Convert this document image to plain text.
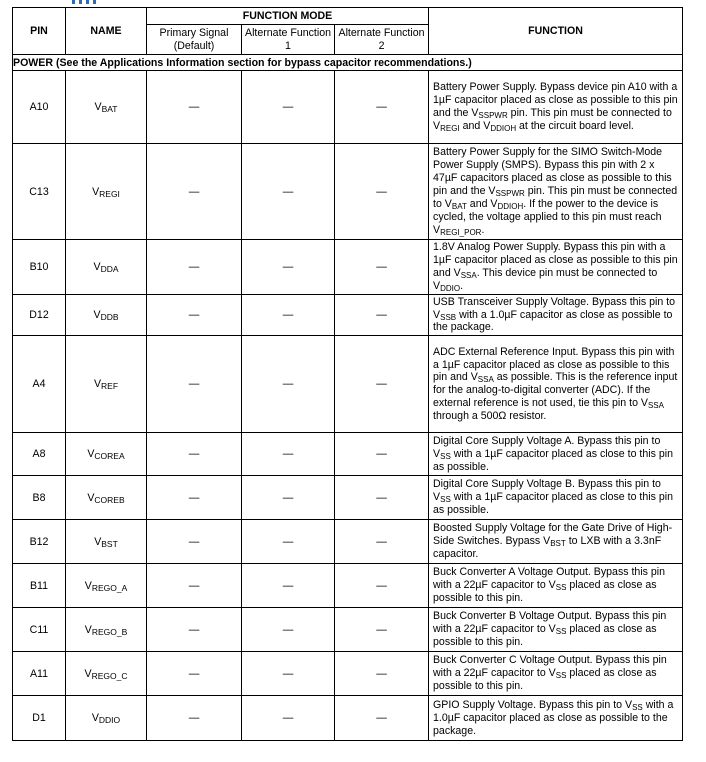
PIN	NAME	FUNCTION MODE			FUNCTION
		Primary Signal (Default)	Alternate Function 1	Alternate Function 2	
POWER (See the Applications Information section for bypass capacitor recommendations.)					
A10	$V_{BAT}$	—	—	—	Battery Power Supply. Bypass device pin A10 with a 1µF capacitor placed as close as possible to this pin and the $V_{SSPWR}$ pin. This pin must be connected to $V_{REGI}$ and $V_{DDIOH}$ at the circuit board level.
C13	$V_{REGI}$	—	—	—	Battery Power Supply for the SIMO Switch-Mode Power Supply (SMPS). Bypass this pin with 2 x 47µF capacitors placed as close as possible to this pin and the $V_{SSPWR}$ pin. This pin must be connected to $V_{BAT}$ and $V_{DDIOH}$. If the power to the device is cycled, the voltage applied to this pin must reach $V_{REGI\_POR}$.
B10	$V_{DDA}$	—	—	—	1.8V Analog Power Supply. Bypass this pin with a 1µF capacitor placed as close as possible to this pin and $V_{SSA}$. This device pin must be connected to $V_{DDIO}$.
D12	$V_{DDB}$	—	—	—	USB Transceiver Supply Voltage. Bypass this pin to $V_{SSB}$ with a 1.0µF capacitor as close as possible to the package.
A4	$V_{REF}$	—	—	—	ADC External Reference Input. Bypass this pin with a 1µF capacitor placed as close as possible to this pin and $V_{SSA}$ as possible. This is the reference input for the analog-to-digital converter (ADC). If the external reference is not used, tie this pin to $V_{SSA}$ through a 500Ω resistor.
A8	$V_{COREA}$	—	—	—	Digital Core Supply Voltage A. Bypass this pin to $V_{SS}$ with a 1µF capacitor placed as close to this pin as possible.
B8	$V_{COREB}$	—	—	—	Digital Core Supply Voltage B. Bypass this pin to $V_{SS}$ with a 1µF capacitor placed as close to this pin as possible.
B12	$V_{BST}$	—	—	—	Boosted Supply Voltage for the Gate Drive of High-Side Switches. Bypass $V_{BST}$ to LXB with a 3.3nF capacitor.
B11	$V_{REGO\_A}$	—	—	—	Buck Converter A Voltage Output. Bypass this pin with a 22µF capacitor to $V_{SS}$ placed as close as possible to this pin.
C11	$V_{REGO\_B}$	—	—	—	Buck Converter B Voltage Output. Bypass this pin with a 22µF capacitor to $V_{SS}$ placed as close as possible to this pin.
A11	$V_{REGO\_C}$	—	—	—	Buck Converter C Voltage Output. Bypass this pin with a 22µF capacitor to $V_{SS}$ placed as close as possible to this pin.
D1	$V_{DDIO}$	—	—	—	GPIO Supply Voltage. Bypass this pin to $V_{SS}$ with a 1.0µF capacitor placed as close as possible to the package.
